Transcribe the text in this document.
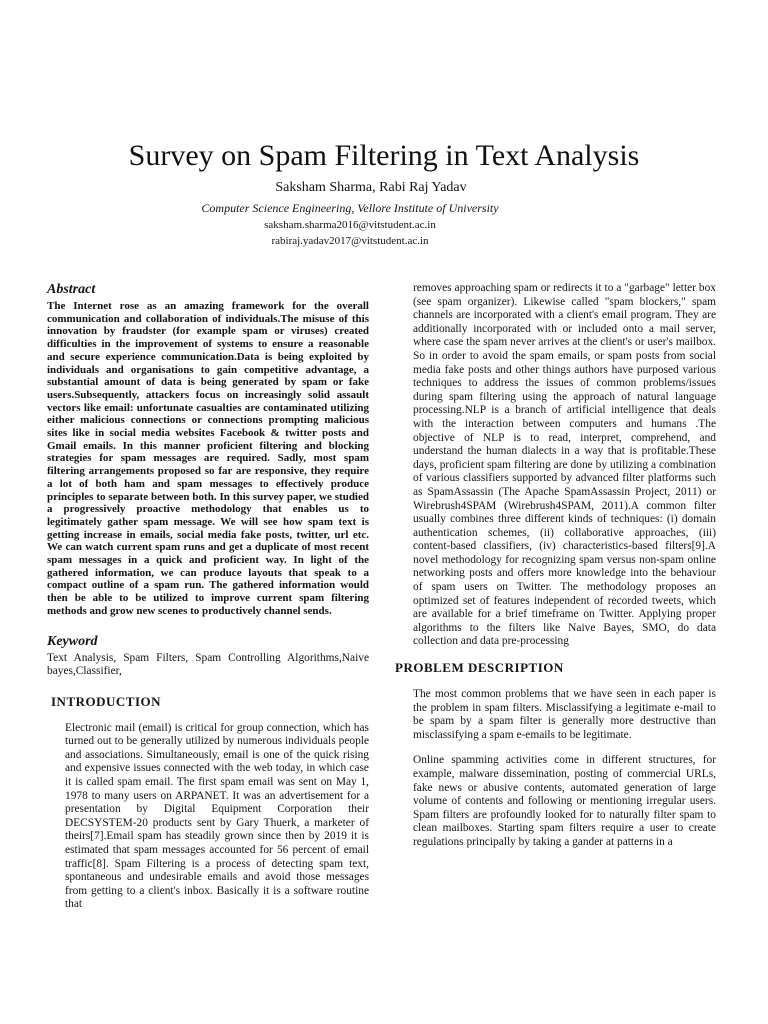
Survey on Spam Filtering in Text Analysis

Saksham Sharma, Rabi Raj Yadav

Computer Science Engineering, Vellore Institute of University

saksham.sharma2016@vitstudent.ac.in

rabiraj.yadav2017@vitstudent.ac.in

Abstract

The Internet rose as an amazing framework for the overall communication and collaboration of individuals.The misuse of this innovation by fraudster (for example spam or viruses) created difficulties in the improvement of systems to ensure a reasonable and secure experience communication.Data is being exploited by individuals and organisations to gain competitive advantage, a substantial amount of data is being generated by spam or fake users.Subsequently, attackers focus on increasingly solid assault vectors like email: unfortunate casualties are contaminated utilizing either malicious connections or connections prompting malicious sites like in social media websites Facebook & twitter posts and Gmail emails. In this manner proficient filtering and blocking strategies for spam messages are required. Sadly, most spam filtering arrangements proposed so far are responsive, they require a lot of both ham and spam messages to effectively produce principles to separate between both. In this survey paper, we studied a progressively proactive methodology that enables us to legitimately gather spam message. We will see how spam text is getting increase in emails, social media fake posts, twitter, url etc. We can watch current spam runs and get a duplicate of most recent spam messages in a quick and proficient way. In light of the gathered information, we can produce layouts that speak to a compact outline of a spam run. The gathered information would then be able to be utilized to improve current spam filtering methods and grow new scenes to productively channel sends.

Keyword

Text Analysis, Spam Filters, Spam Controlling Algorithms,Naive bayes,Classifier,

INTRODUCTION

Electronic mail (email) is critical for group connection, which has turned out to be generally utilized by numerous individuals people and associations. Simultaneously, email is one of the quick rising and expensive issues connected with the web today, in which case it is called spam email. The first spam email was sent on May 1, 1978 to many users on ARPANET. It was an advertisement for a presentation by Digital Equipment Corporation their DECSYSTEM-20 products sent by Gary Thuerk, a marketer of theirs[7].Email spam has steadily grown since then by 2019 it is estimated that spam messages accounted for 56 percent of email traffic[8]. Spam Filtering is a process of detecting spam text, spontaneous and undesirable emails and avoid those messages from getting to a client's inbox. Basically it is a software routine that

removes approaching spam or redirects it to a "garbage" letter box (see spam organizer). Likewise called "spam blockers," spam channels are incorporated with a client's email program. They are additionally incorporated with or included onto a mail server, where case the spam never arrives at the client's or user's mailbox. So in order to avoid the spam emails, or spam posts from social media fake posts and other things authors have purposed various techniques to address the issues of common problems/issues during spam filtering using the approach of natural language processing.NLP is a branch of artificial intelligence that deals with the interaction between computers and humans .The objective of NLP is to read, interpret, comprehend, and understand the human dialects in a way that is profitable.These days, proficient spam filtering are done by utilizing a combination of various classifiers supported by advanced filter platforms such as SpamAssassin (The Apache SpamAssassin Project, 2011) or Wirebrush4SPAM (Wirebrush4SPAM, 2011).A common filter usually combines three different kinds of techniques: (i) domain authentication schemes, (ii) collaborative approaches, (iii) content-based classifiers, (iv) characteristics-based filters[9].A novel methodology for recognizing spam versus non-spam online networking posts and offers more knowledge into the behaviour of spam users on Twitter. The methodology proposes an optimized set of features independent of recorded tweets, which are available for a brief timeframe on Twitter. Applying proper algorithms to the filters like Naive Bayes, SMO, do data collection and data pre-processing

PROBLEM DESCRIPTION

The most common problems that we have seen in each paper is the problem in spam filters. Misclassifying a legitimate e-mail to be spam by a spam filter is generally more destructive than misclassifying a spam e-emails to be legitimate.

Online spamming activities come in different structures, for example, malware dissemination, posting of commercial URLs, fake news or abusive contents, automated generation of large volume of contents and following or mentioning irregular users. Spam filters are profoundly looked for to naturally filter spam to clean mailboxes. Starting spam filters require a user to create regulations principally by taking a gander at patterns in a
